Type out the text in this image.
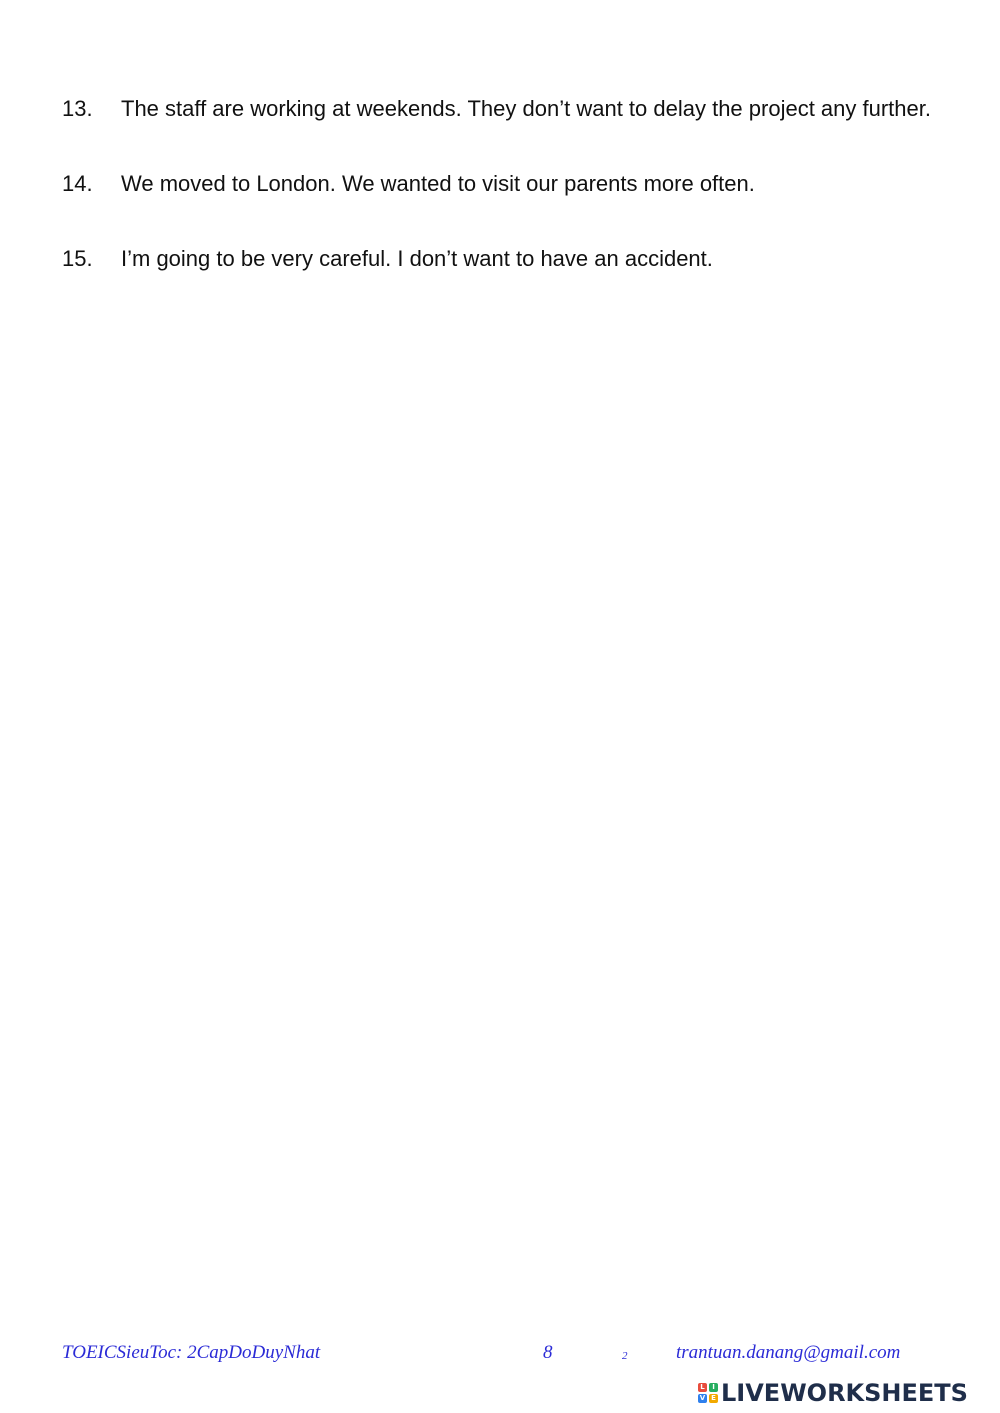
13. The staff are working at weekends. They don’t want to delay the project any further.

14. We moved to London. We wanted to visit our parents more often.

15. I’m going to be very careful. I don’t want to have an accident.

TOEICSieuToc: 2CapDoDuyNhat	8	2	trantuan.danang@gmail.com
L	I
V E LIVEWORKSHEETS
